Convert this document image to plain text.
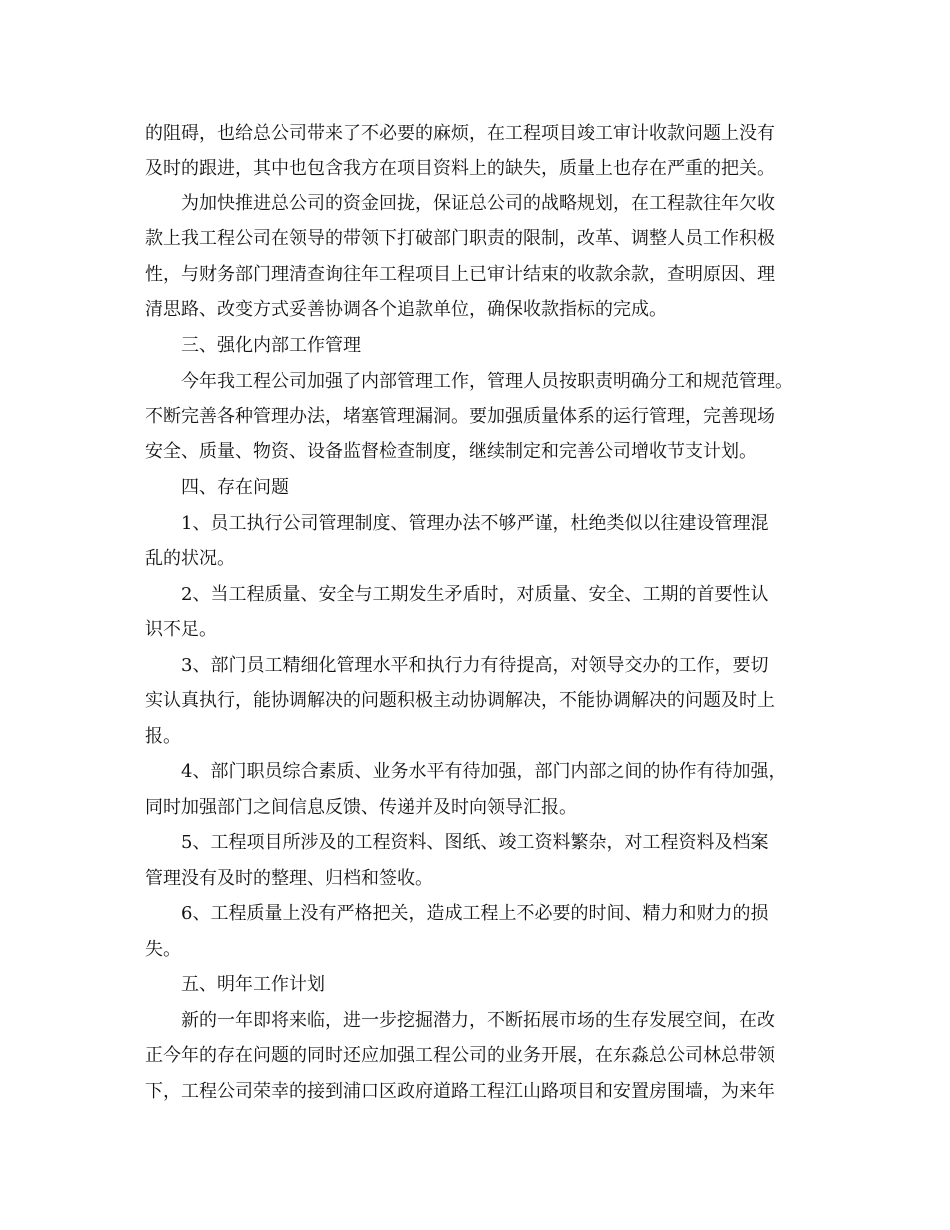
的阻碍，也给总公司带来了不必要的麻烦，在工程项目竣工审计收款问题上没有
及时的跟进，其中也包含我方在项目资料上的缺失，质量上也存在严重的把关。
为加快推进总公司的资金回拢，保证总公司的战略规划，在工程款往年欠收
款上我工程公司在领导的带领下打破部门职责的限制，改革、调整人员工作积极
性，与财务部门理清查询往年工程项目上已审计结束的收款余款，查明原因、理
清思路、改变方式妥善协调各个追款单位，确保收款指标的完成。
三、强化内部工作管理
今年我工程公司加强了内部管理工作，管理人员按职责明确分工和规范管理。
不断完善各种管理办法，堵塞管理漏洞。要加强质量体系的运行管理，完善现场
安全、质量、物资、设备监督检查制度，继续制定和完善公司增收节支计划。
四、存在问题
1、员工执行公司管理制度、管理办法不够严谨，杜绝类似以往建设管理混
乱的状况。
2、当工程质量、安全与工期发生矛盾时，对质量、安全、工期的首要性认
识不足。
3、部门员工精细化管理水平和执行力有待提高，对领导交办的工作，要切
实认真执行，能协调解决的问题积极主动协调解决，不能协调解决的问题及时上
报。
4、部门职员综合素质、业务水平有待加强，部门内部之间的协作有待加强，
同时加强部门之间信息反馈、传递并及时向领导汇报。
5、工程项目所涉及的工程资料、图纸、竣工资料繁杂，对工程资料及档案
管理没有及时的整理、归档和签收。
6、工程质量上没有严格把关，造成工程上不必要的时间、精力和财力的损
失。
五、明年工作计划
新的一年即将来临，进一步挖掘潜力，不断拓展市场的生存发展空间，在改
正今年的存在问题的同时还应加强工程公司的业务开展，在东淼总公司林总带领
下，工程公司荣幸的接到浦口区政府道路工程江山路项目和安置房围墙，为来年
